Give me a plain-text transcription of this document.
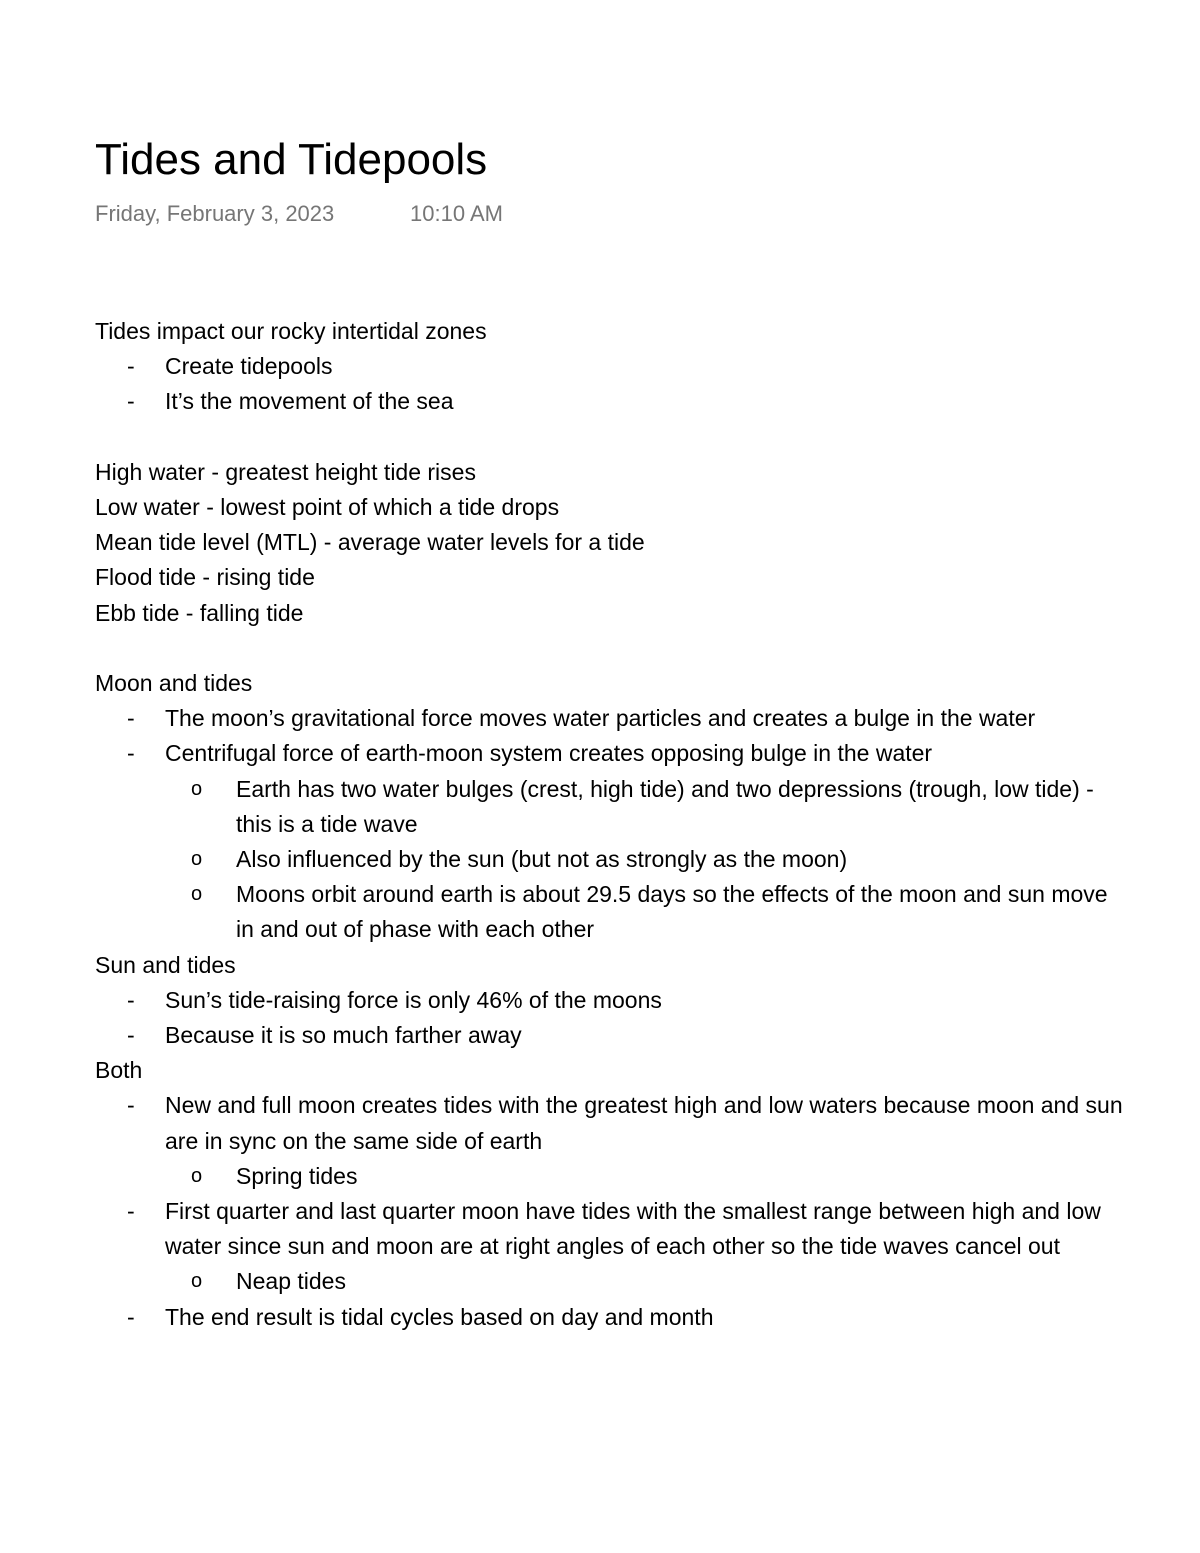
Tides and Tidepools
Friday, February 3, 2023	10:10 AM
Tides impact our rocky intertidal zones
-	Create tidepools
-	It’s the movement of the sea
High water - greatest height tide rises
Low water - lowest point of which a tide drops
Mean tide level (MTL) - average water levels for a tide
Flood tide - rising tide
Ebb tide - falling tide
Moon and tides
-	The moon’s gravitational force moves water particles and creates a bulge in the water
-	Centrifugal force of earth-moon system creates opposing bulge in the water
o	Earth has two water bulges (crest, high tide) and two depressions (trough, low tide) - this is a tide wave
o	Also influenced by the sun (but not as strongly as the moon)
o	Moons orbit around earth is about 29.5 days so the effects of the moon and sun move in and out of phase with each other
Sun and tides
-	Sun’s tide-raising force is only 46% of the moons
-	Because it is so much farther away
Both
-	New and full moon creates tides with the greatest high and low waters because moon and sun are in sync on the same side of earth
o	Spring tides
-	First quarter and last quarter moon have tides with the smallest range between high and low water since sun and moon are at right angles of each other so the tide waves cancel out
o	Neap tides
-	The end result is tidal cycles based on day and month
